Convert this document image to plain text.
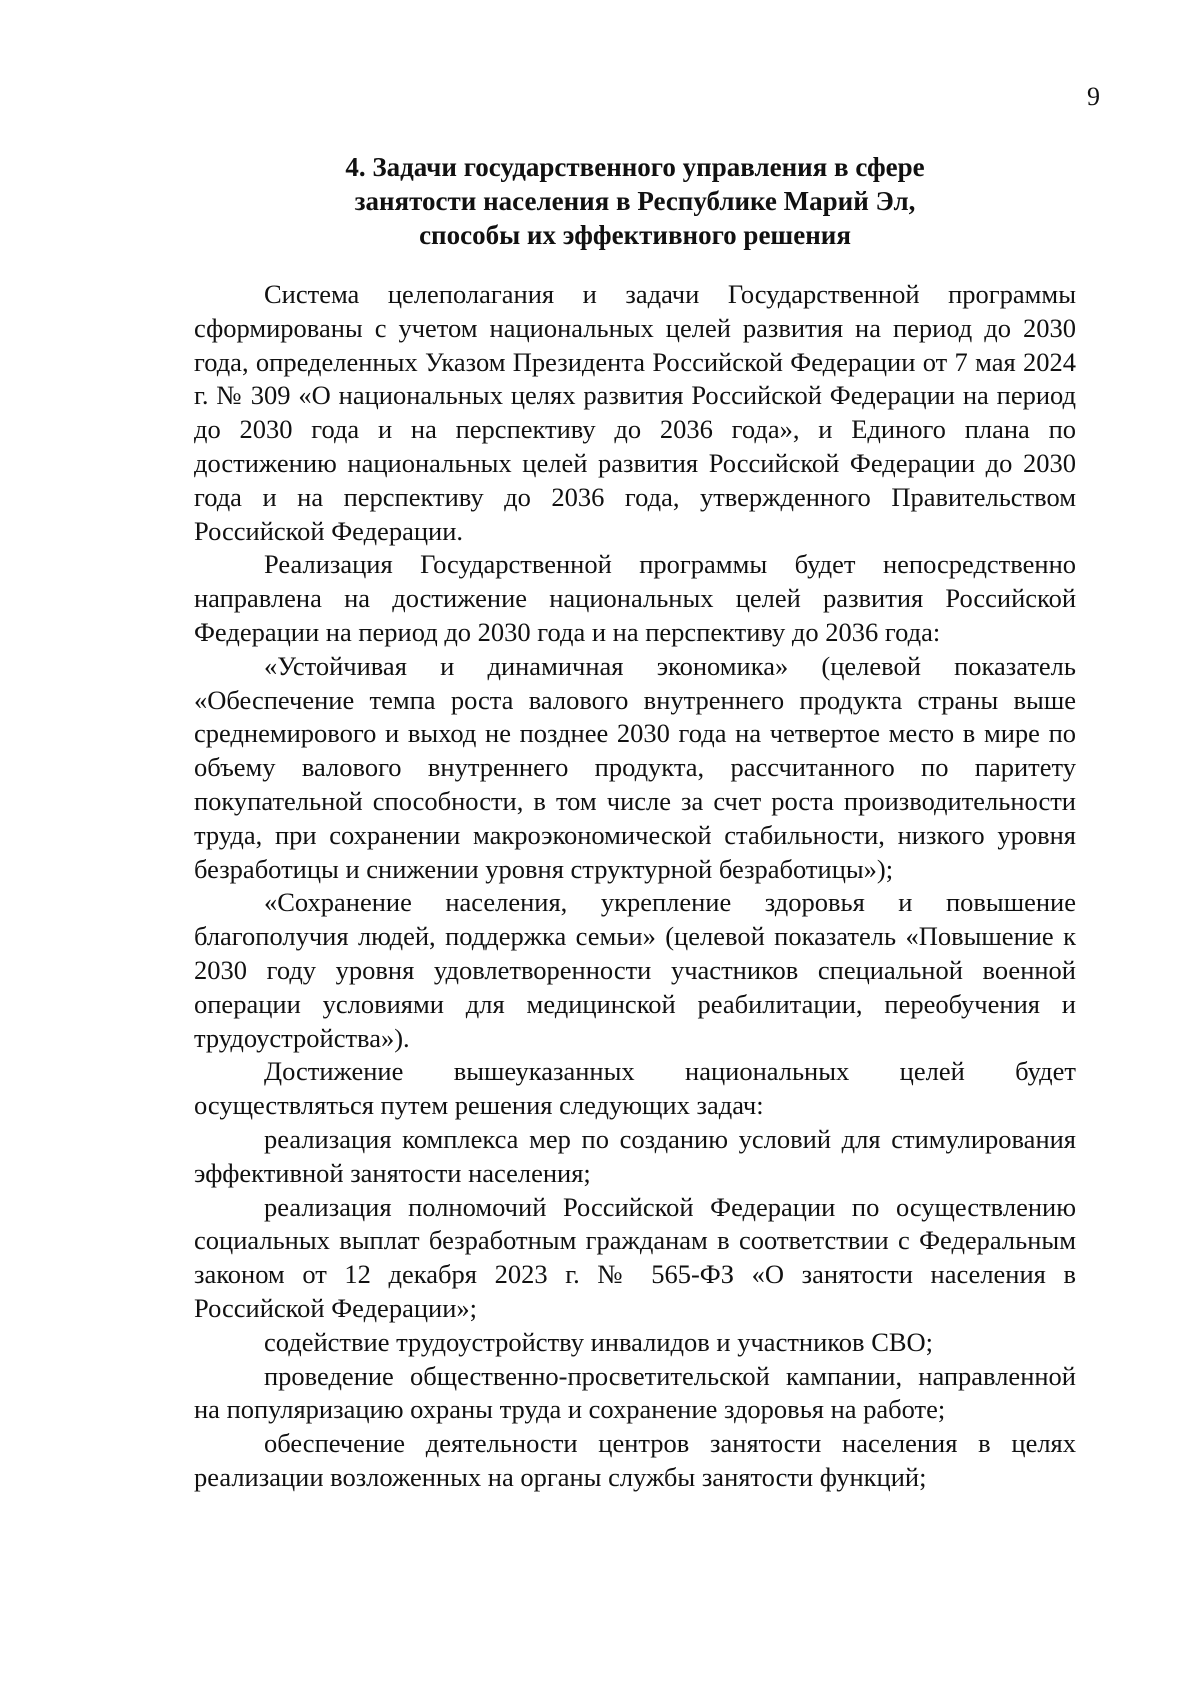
9
4. Задачи государственного управления в сфере
занятости населения в Республике Марий Эл,
способы их эффективного решения

Система целеполагания и задачи Государственной программы сформированы с учетом национальных целей развития на период до 2030 года, определенных Указом Президента Российской Федерации от 7 мая 2024 г. № 309 «О национальных целях развития Российской Федерации на период до 2030 года и на перспективу до 2036 года», и Единого плана по достижению национальных целей развития Российской Федерации до 2030 года и на перспективу до 2036 года, утвержденного Правительством Российской Федерации.

Реализация Государственной программы будет непосредственно направлена на достижение национальных целей развития Российской Федерации на период до 2030 года и на перспективу до 2036 года:

«Устойчивая и динамичная экономика» (целевой показатель «Обеспечение темпа роста валового внутреннего продукта страны выше среднемирового и выход не позднее 2030 года на четвертое место в мире по объему валового внутреннего продукта, рассчитанного по паритету покупательной способности, в том числе за счет роста производительности труда, при сохранении макроэкономической стабильности, низкого уровня безработицы и снижении уровня структурной безработицы»);

«Сохранение населения, укрепление здоровья и повышение благополучия людей, поддержка семьи» (целевой показатель «Повышение к 2030 году уровня удовлетворенности участников специальной военной операции условиями для медицинской реабилитации, переобучения и трудоустройства»).

Достижение вышеуказанных национальных целей будет осуществляться путем решения следующих задач:

реализация комплекса мер по созданию условий для стимулирования эффективной занятости населения;

реализация полномочий Российской Федерации по осуществлению социальных выплат безработным гражданам в соответствии с Федеральным законом от 12 декабря 2023 г. № 565-ФЗ «О занятости населения в Российской Федерации»;

содействие трудоустройству инвалидов и участников СВО;

проведение общественно-просветительской кампании, направленной на популяризацию охраны труда и сохранение здоровья на работе;

обеспечение деятельности центров занятости населения в целях реализации возложенных на органы службы занятости функций;
